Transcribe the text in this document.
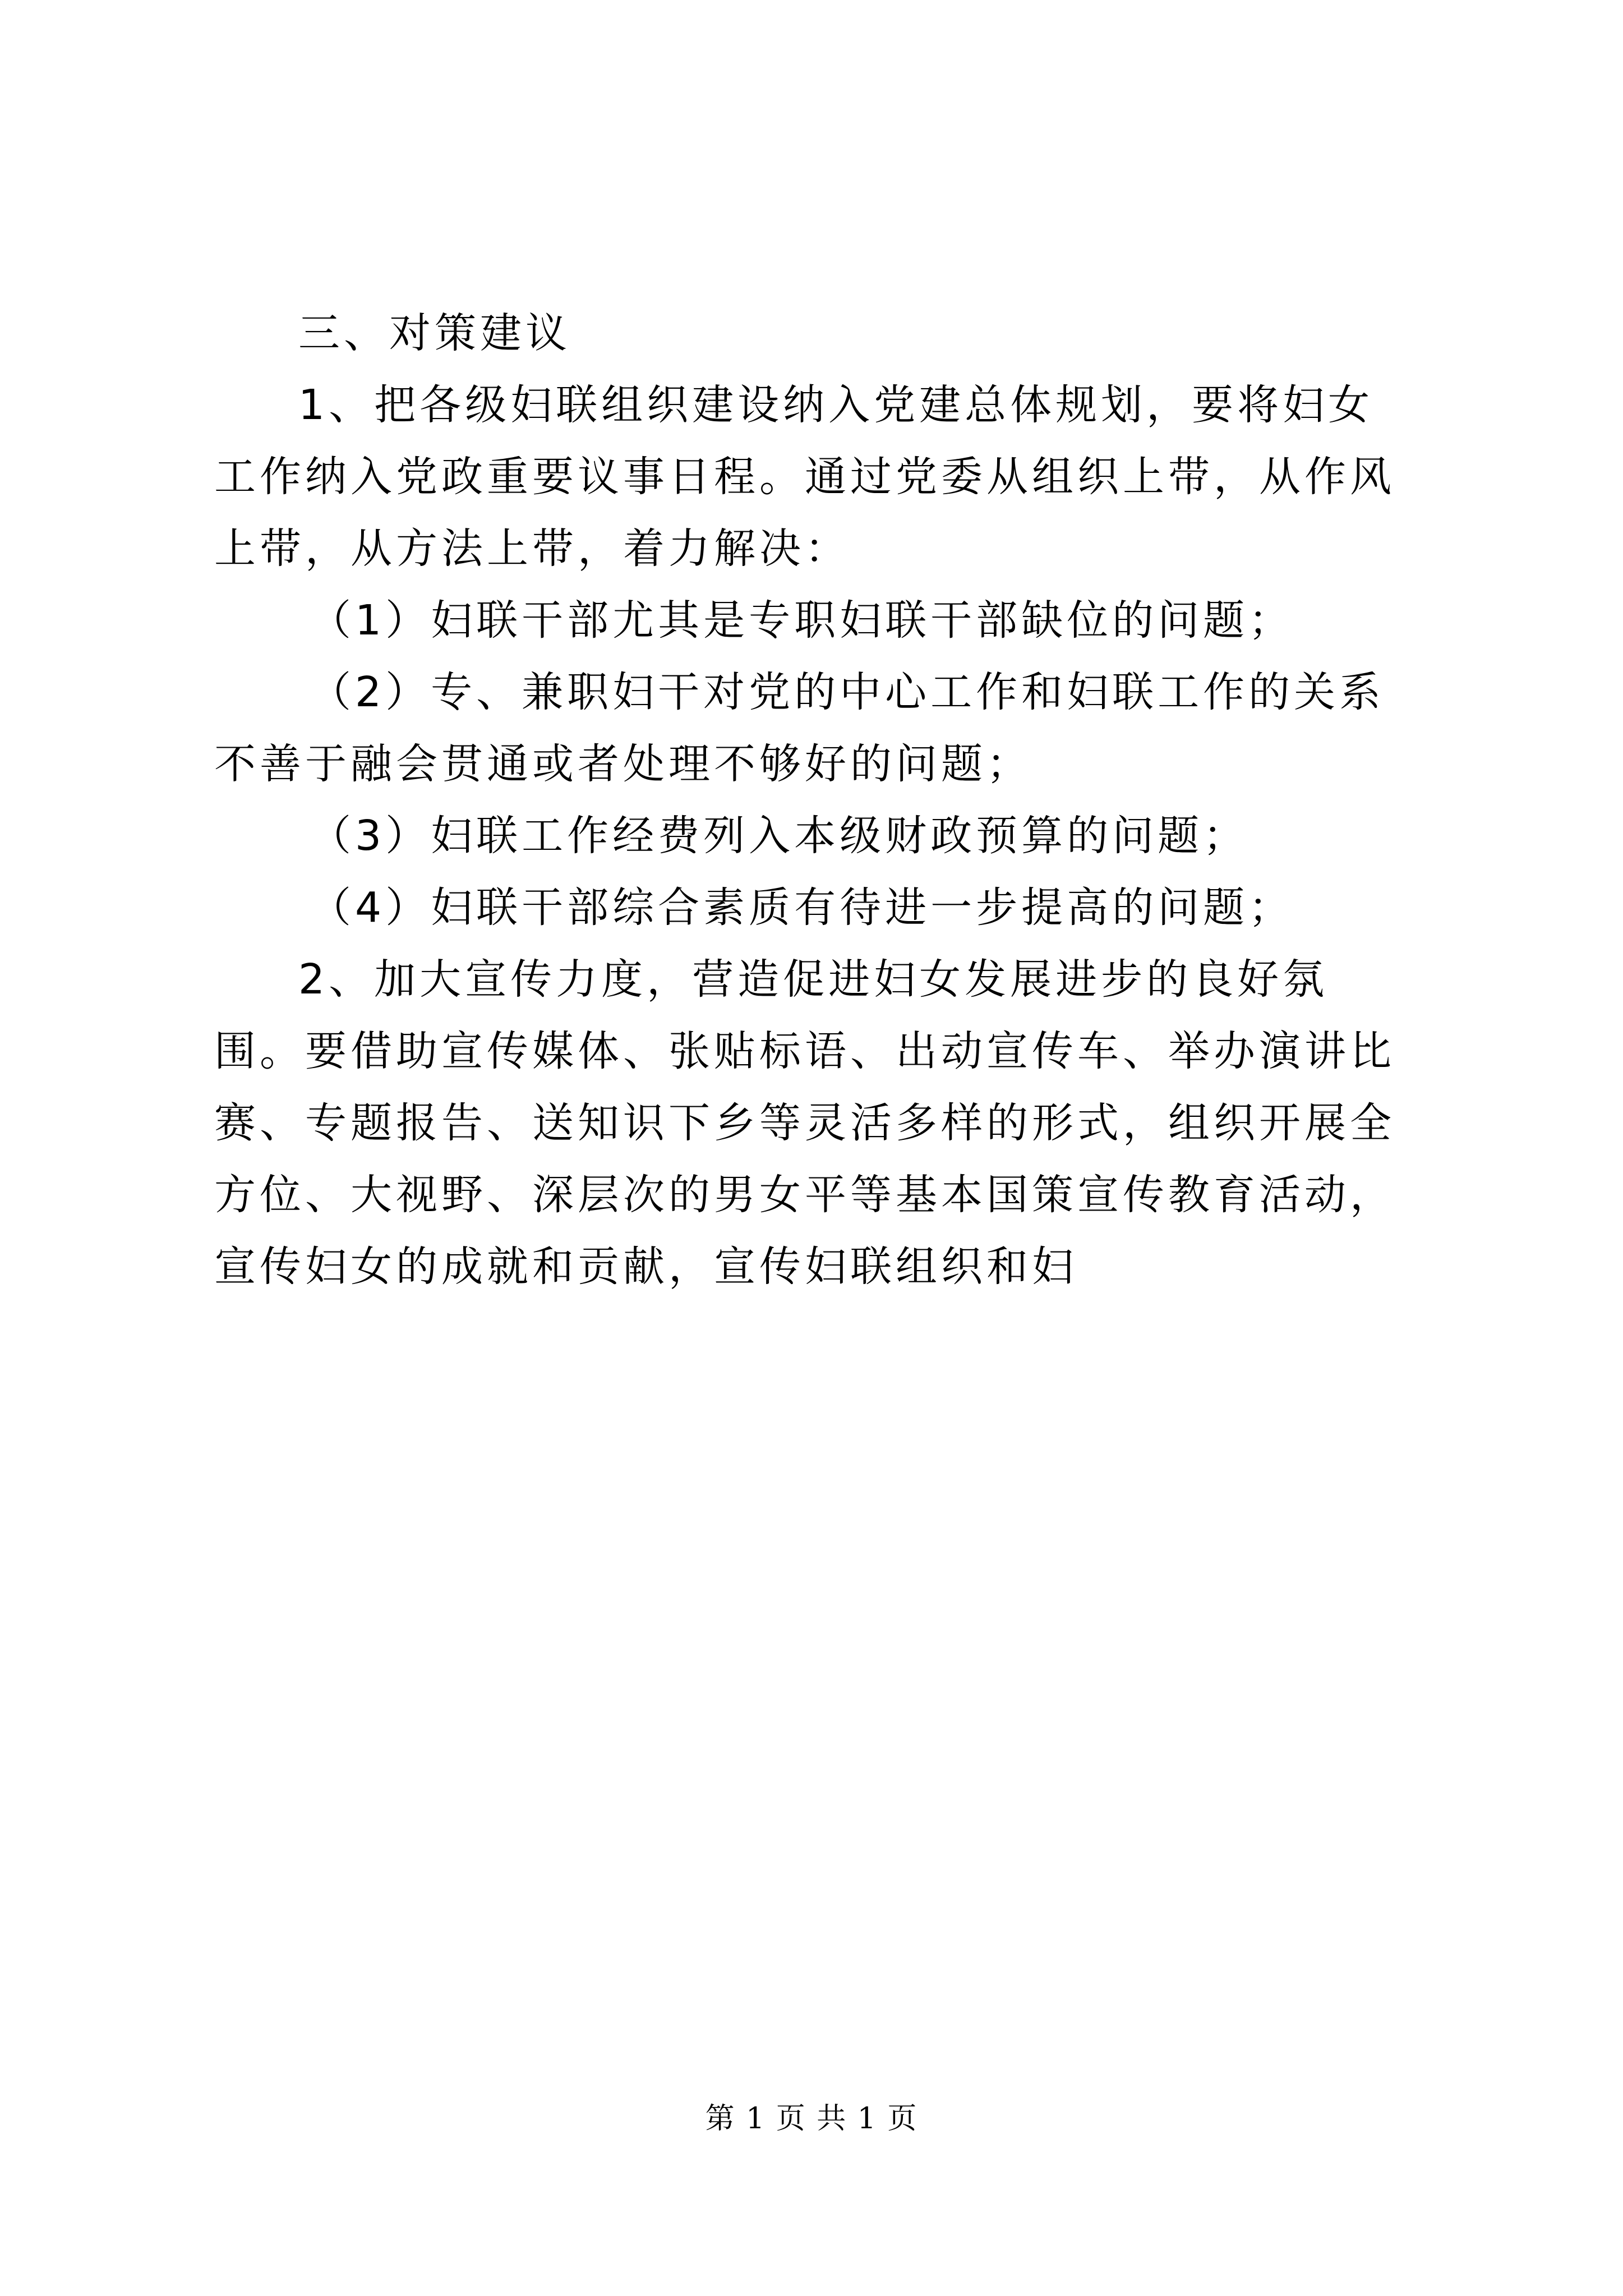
三、对策建议

1、把各级妇联组织建设纳入党建总体规划，要将妇女工作纳入党政重要议事日程。通过党委从组织上带，从作风上带，从方法上带，着力解决：

（1）妇联干部尤其是专职妇联干部缺位的问题；

（2）专、兼职妇干对党的中心工作和妇联工作的关系不善于融会贯通或者处理不够好的问题；

（3）妇联工作经费列入本级财政预算的问题；

（4）妇联干部综合素质有待进一步提高的问题；

2、加大宣传力度，营造促进妇女发展进步的良好氛围。要借助宣传媒体、张贴标语、出动宣传车、举办演讲比赛、专题报告、送知识下乡等灵活多样的形式，组织开展全方位、大视野、深层次的男女平等基本国策宣传教育活动，宣传妇女的成就和贡献，宣传妇联组织和妇

第 1 页 共 1 页
